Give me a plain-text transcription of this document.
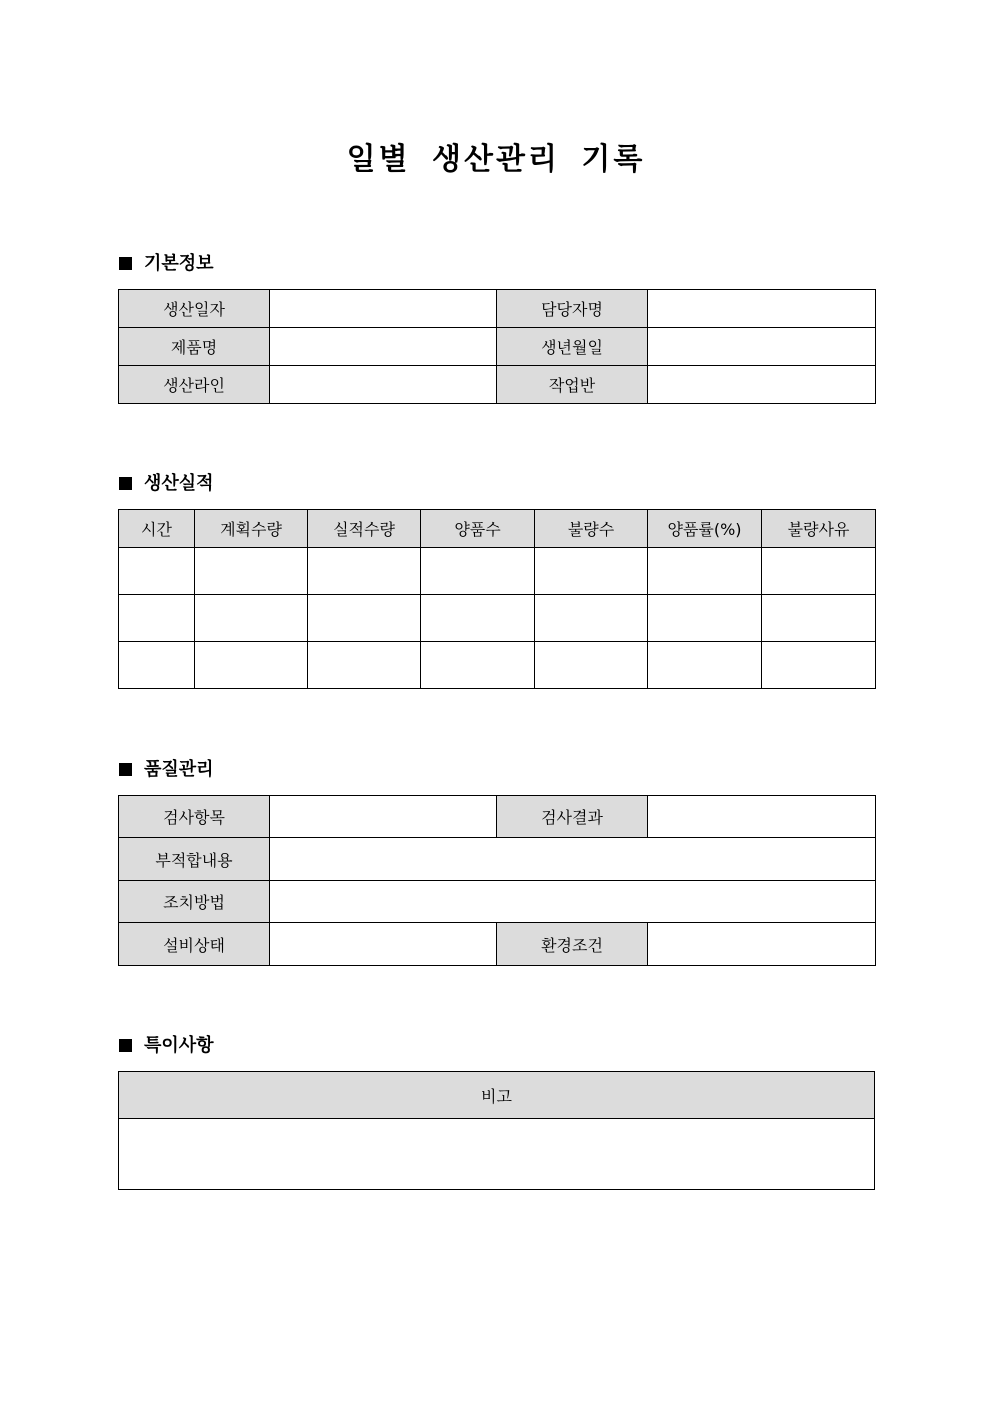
일별 생산관리 기록
기본정보
생산일자		담당자명	
제품명		생년월일	
생산라인		작업반	
생산실적
시간	계획수량	실적수량	양품수	불량수	양품률(%)	불량사유

품질관리
검사항목		검사결과	
부적합내용			
조치방법			
설비상태		환경조건	
특이사항
비고
